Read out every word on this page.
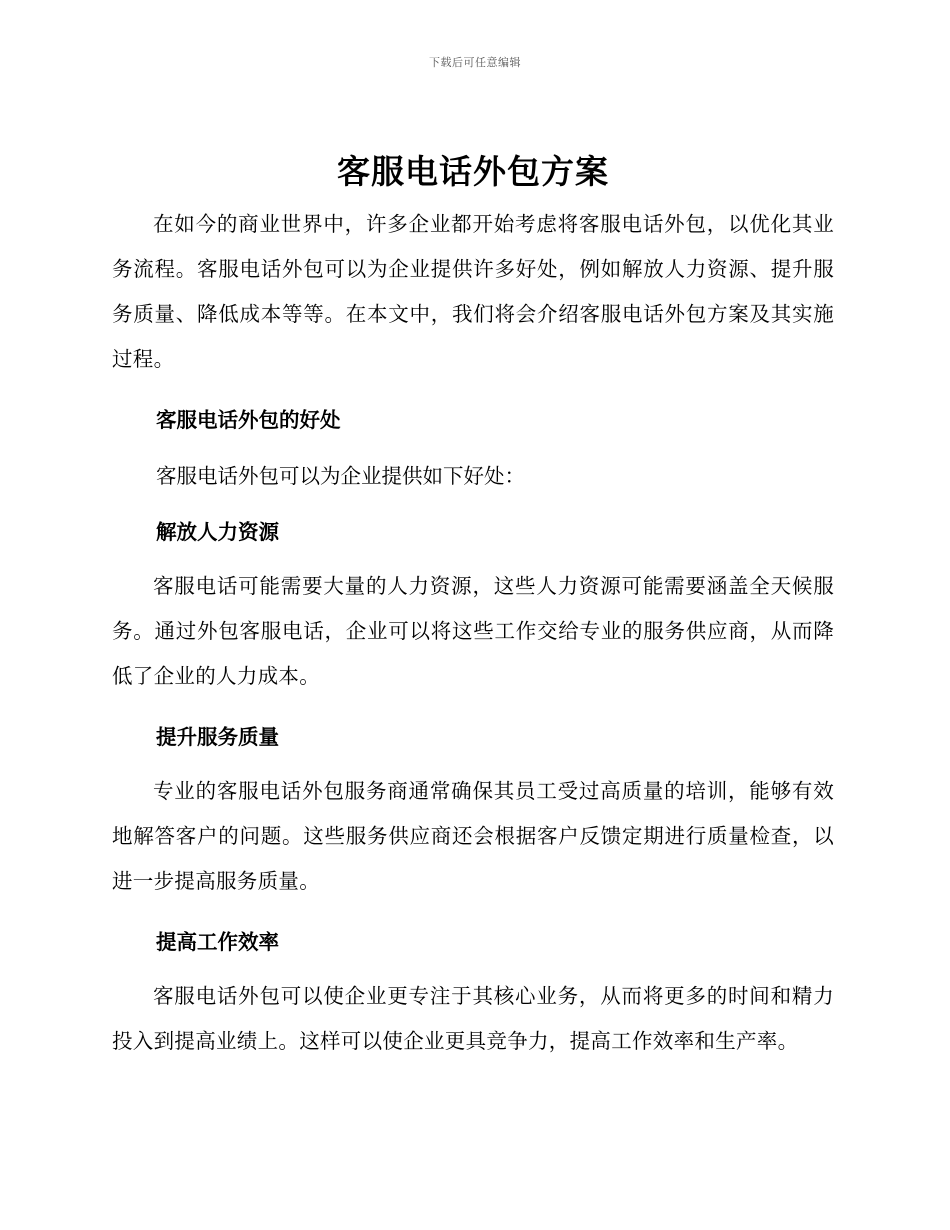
下载后可任意编辑
客服电话外包方案

在如今的商业世界中，许多企业都开始考虑将客服电话外包，以优化其业务流程。客服电话外包可以为企业提供许多好处，例如解放人力资源、提升服务质量、降低成本等等。在本文中，我们将会介绍客服电话外包方案及其实施过程。

客服电话外包的好处
客服电话外包可以为企业提供如下好处：
解放人力资源

客服电话可能需要大量的人力资源，这些人力资源可能需要涵盖全天候服务。通过外包客服电话，企业可以将这些工作交给专业的服务供应商，从而降低了企业的人力成本。

提升服务质量

专业的客服电话外包服务商通常确保其员工受过高质量的培训，能够有效地解答客户的问题。这些服务供应商还会根据客户反馈定期进行质量检查，以进一步提高服务质量。

提高工作效率

客服电话外包可以使企业更专注于其核心业务，从而将更多的时间和精力投入到提高业绩上。这样可以使企业更具竞争力，提高工作效率和生产率。
